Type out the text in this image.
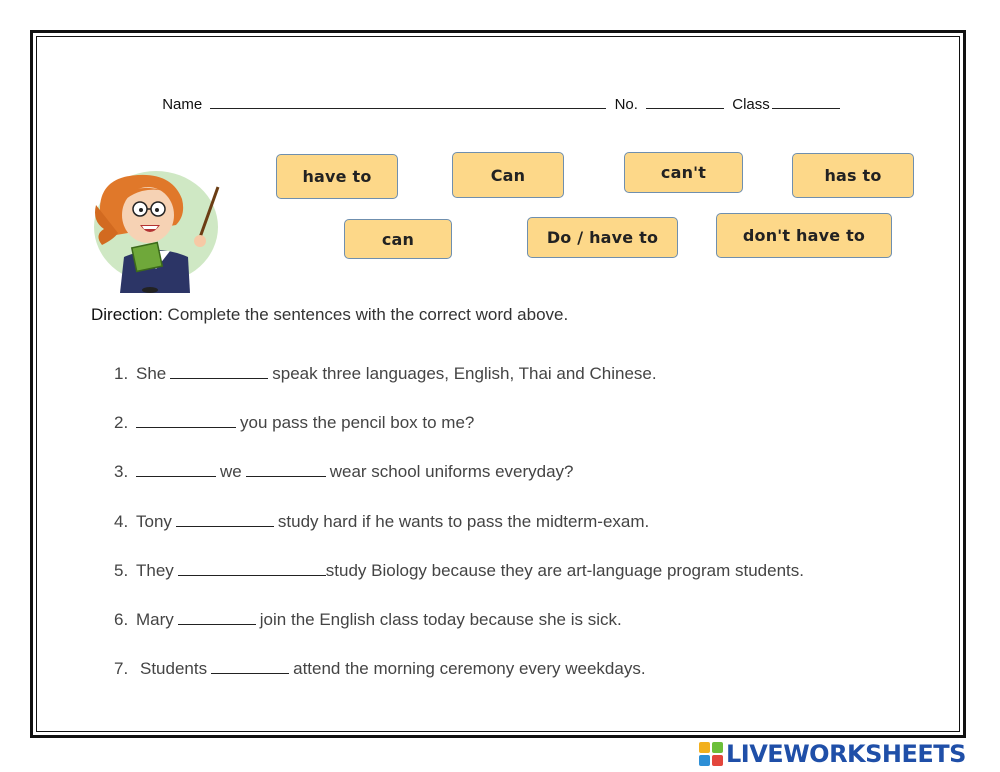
Name	No.	Class
have to	Can	can't	has to
can	Do / have to	don't have to
Direction: Complete the sentences with the correct word above.
1. She	speak three languages, English, Thai and Chinese.
2.	you pass the pencil box to me?
3.	we	wear school uniforms everyday?
4. Tony	study hard if he wants to pass the midterm-exam.
5. They	study Biology because they are art-language program students.
6. Mary	join the English class today because she is sick.
7. Students	attend the morning ceremony every weekdays.
LIVEWORKSHEETS
